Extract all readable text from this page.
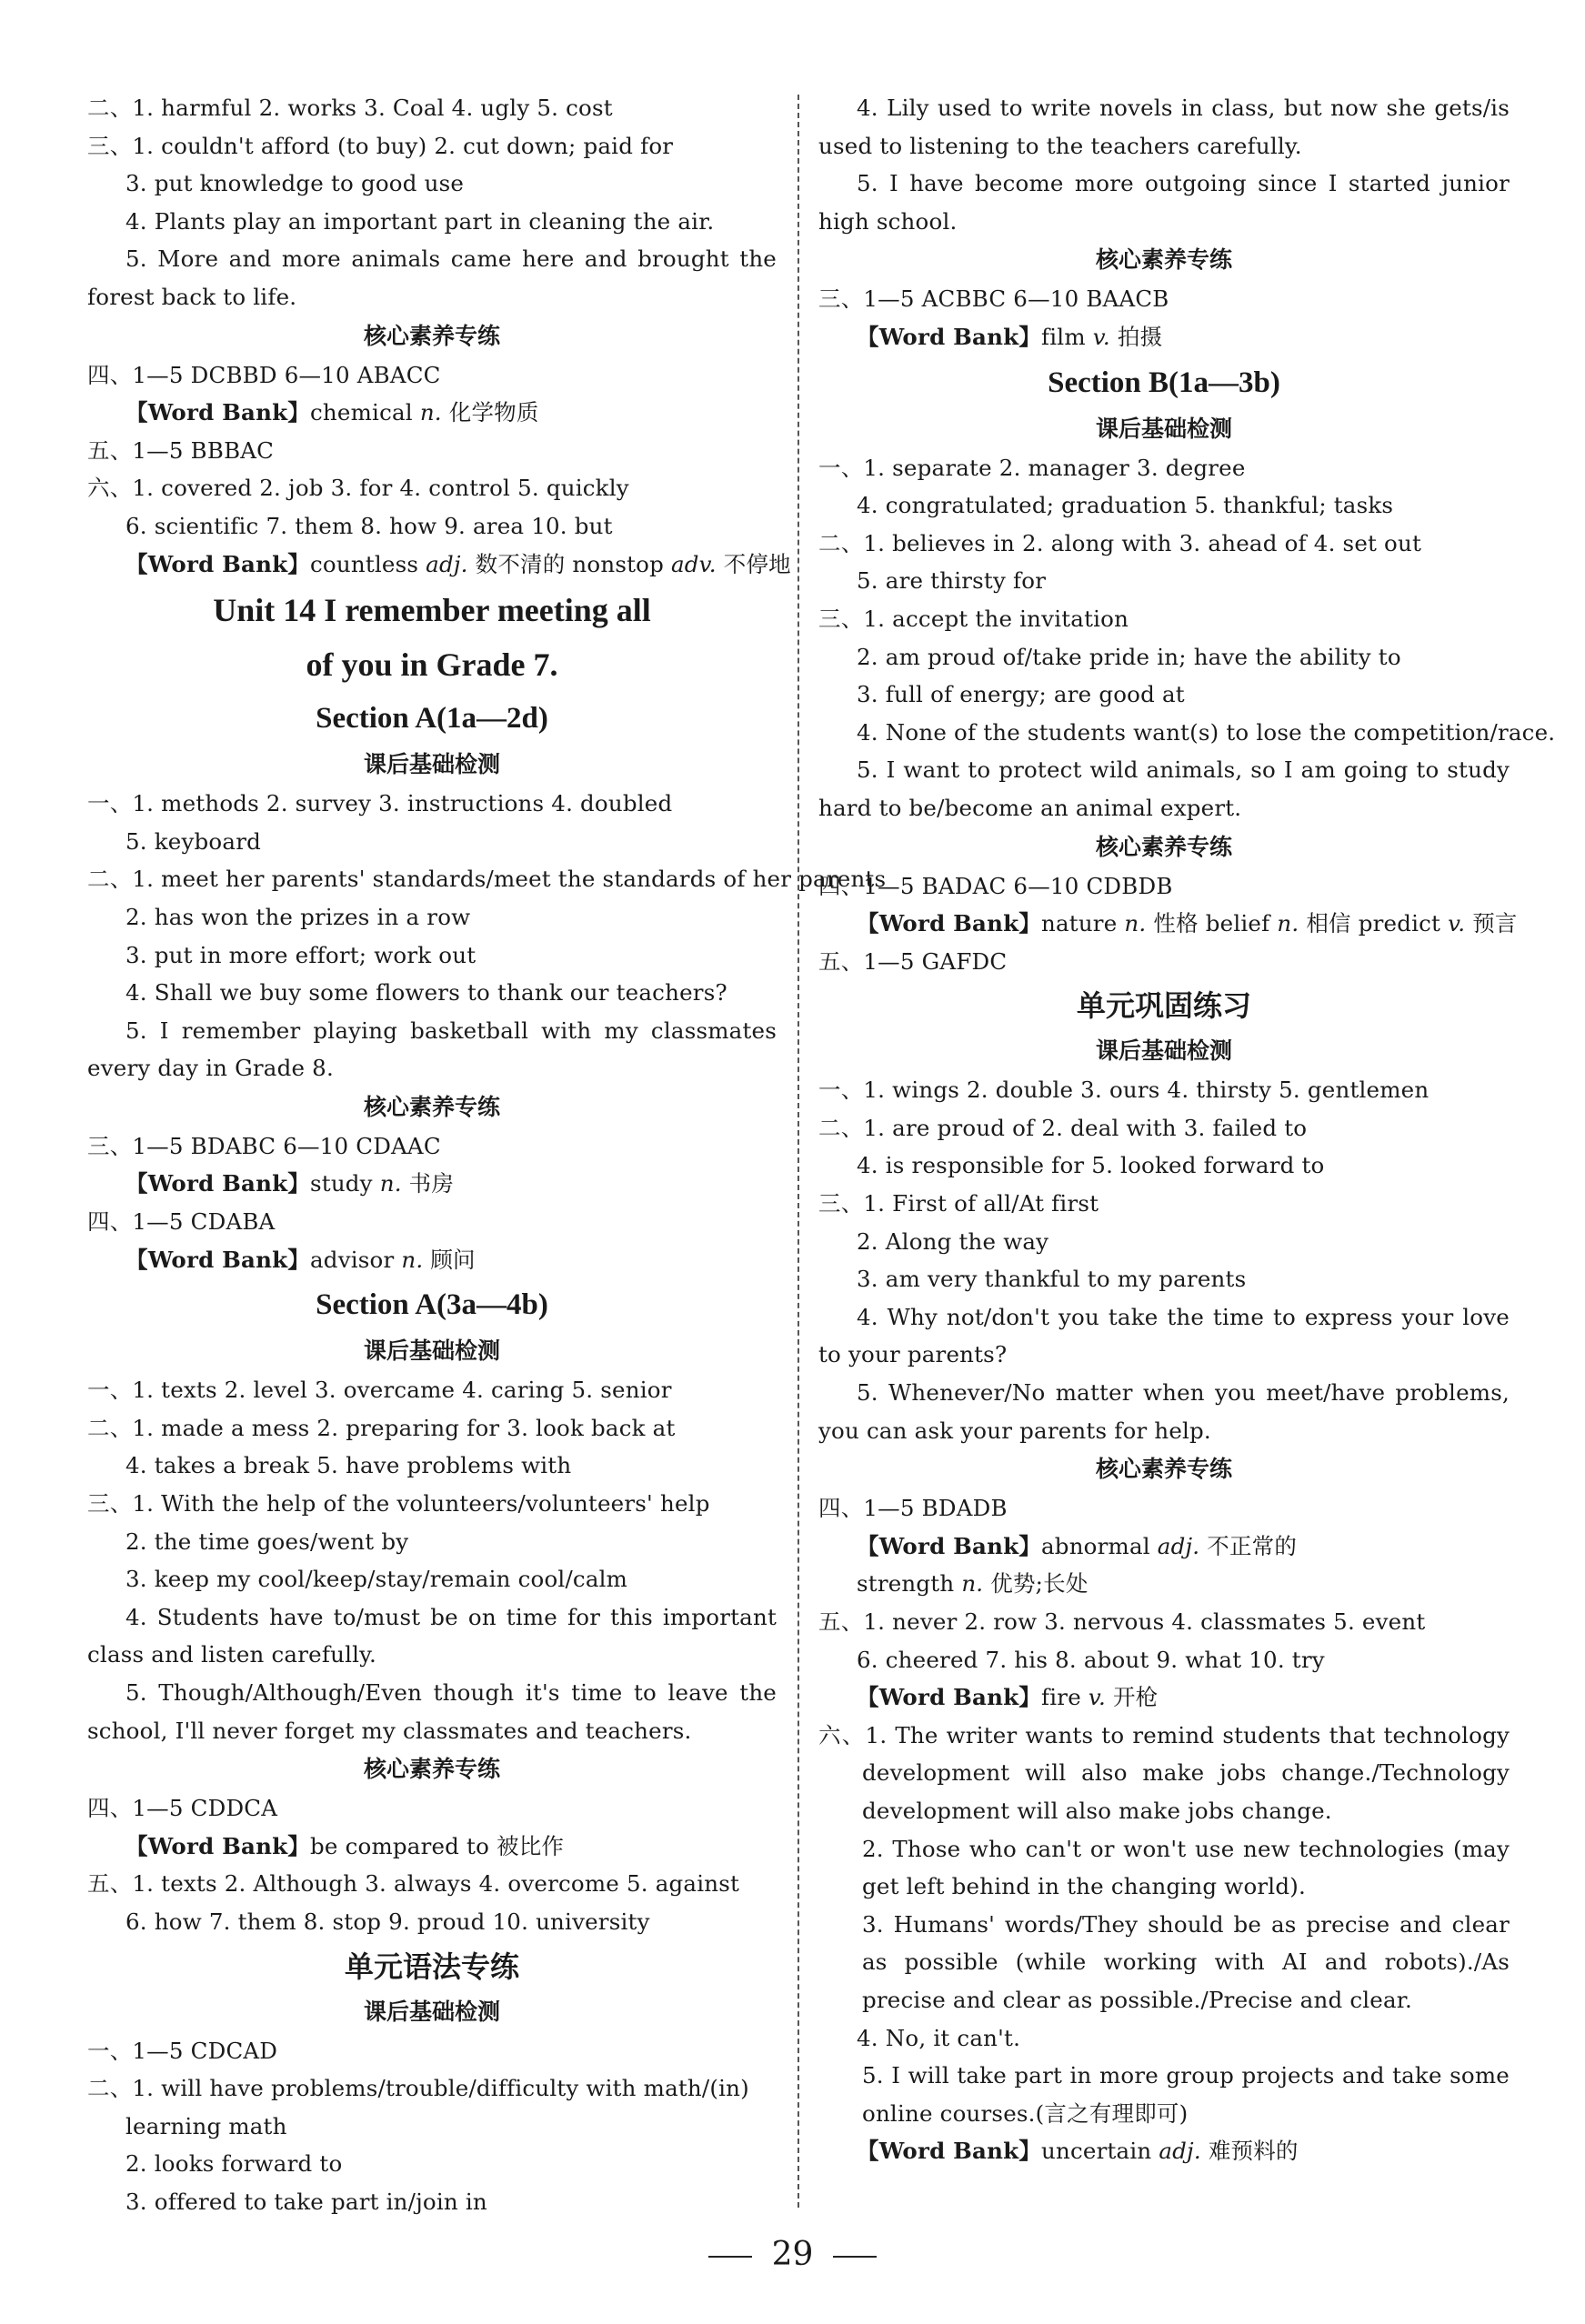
二、1. harmful 2. works 3. Coal 4. ugly 5. cost
三、1. couldn't afford (to buy) 2. cut down; paid for
3. put knowledge to good use
4. Plants play an important part in cleaning the air.
5. More and more animals came here and brought the forest back to life.
核心素养专练
四、1—5 DCBBD 6—10 ABACC
【Word Bank】chemical n. 化学物质
五、1—5 BBBAC
六、1. covered 2. job 3. for 4. control 5. quickly
6. scientific 7. them 8. how 9. area 10. but
【Word Bank】countless adj. 数不清的 nonstop adv. 不停地
Unit 14 I remember meeting all
of you in Grade 7.
Section A(1a—2d)
课后基础检测
一、1. methods 2. survey 3. instructions 4. doubled
5. keyboard
二、1. meet her parents' standards/meet the standards of her parents
2. has won the prizes in a row
3. put in more effort; work out
4. Shall we buy some flowers to thank our teachers?
5. I remember playing basketball with my classmates every day in Grade 8.
核心素养专练
三、1—5 BDABC 6—10 CDAAC
【Word Bank】study n. 书房
四、1—5 CDABA
【Word Bank】advisor n. 顾问
Section A(3a—4b)
课后基础检测
一、1. texts 2. level 3. overcame 4. caring 5. senior
二、1. made a mess 2. preparing for 3. look back at
4. takes a break 5. have problems with
三、1. With the help of the volunteers/volunteers' help
2. the time goes/went by
3. keep my cool/keep/stay/remain cool/calm
4. Students have to/must be on time for this important class and listen carefully.
5. Though/Although/Even though it's time to leave the school, I'll never forget my classmates and teachers.
核心素养专练
四、1—5 CDDCA
【Word Bank】be compared to 被比作
五、1. texts 2. Although 3. always 4. overcome 5. against
6. how 7. them 8. stop 9. proud 10. university
单元语法专练
课后基础检测
一、1—5 CDCAD
二、1. will have problems/trouble/difficulty with math/(in)
learning math
2. looks forward to
3. offered to take part in/join in
4. Lily used to write novels in class, but now she gets/is used to listening to the teachers carefully.
5. I have become more outgoing since I started junior high school.
核心素养专练
三、1—5 ACBBC 6—10 BAACB
【Word Bank】film v. 拍摄
Section B(1a—3b)
课后基础检测
一、1. separate 2. manager 3. degree
4. congratulated; graduation 5. thankful; tasks
二、1. believes in 2. along with 3. ahead of 4. set out
5. are thirsty for
三、1. accept the invitation
2. am proud of/take pride in; have the ability to
3. full of energy; are good at
4. None of the students want(s) to lose the competition/race.
5. I want to protect wild animals, so I am going to study hard to be/become an animal expert.
核心素养专练
四、1—5 BADAC 6—10 CDBDB
【Word Bank】nature n. 性格 belief n. 相信 predict v. 预言
五、1—5 GAFDC
单元巩固练习
课后基础检测
一、1. wings 2. double 3. ours 4. thirsty 5. gentlemen
二、1. are proud of 2. deal with 3. failed to
4. is responsible for 5. looked forward to
三、1. First of all/At first
2. Along the way
3. am very thankful to my parents
4. Why not/don't you take the time to express your love to your parents?
5. Whenever/No matter when you meet/have problems, you can ask your parents for help.
核心素养专练
四、1—5 BDADB
【Word Bank】abnormal adj. 不正常的
strength n. 优势;长处
五、1. never 2. row 3. nervous 4. classmates 5. event
6. cheered 7. his 8. about 9. what 10. try
【Word Bank】fire v. 开枪
六、1. The writer wants to remind students that technology development will also make jobs change./Technology development will also make jobs change.
2. Those who can't or won't use new technologies (may get left behind in the changing world).
3. Humans' words/They should be as precise and clear as possible (while working with AI and robots)./As precise and clear as possible./Precise and clear.
4. No, it can't.
5. I will take part in more group projects and take some online courses.(言之有理即可)
【Word Bank】uncertain adj. 难预料的
29
